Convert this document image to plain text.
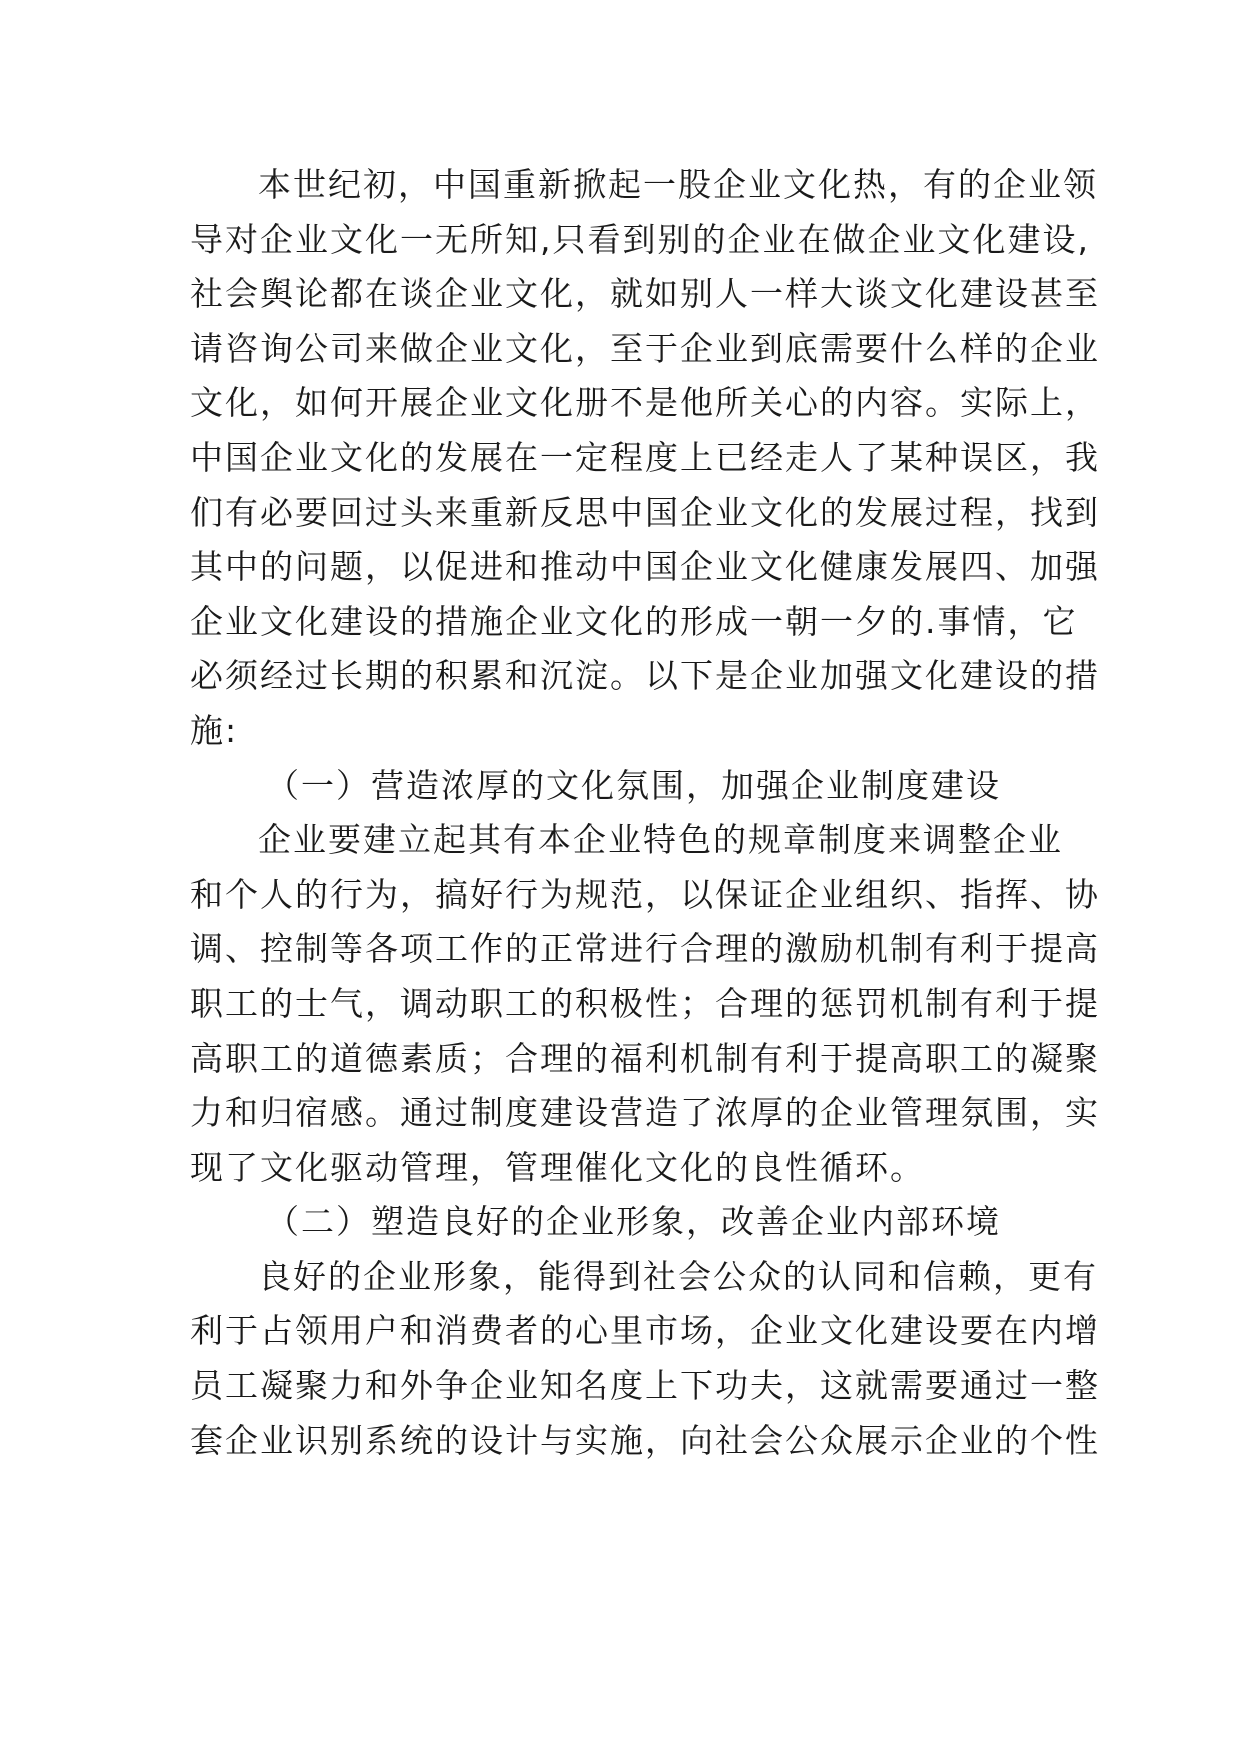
本世纪初，中国重新掀起一股企业文化热，有的企业领
导对企业文化一无所知,只看到别的企业在做企业文化建设,
社会舆论都在谈企业文化，就如别人一样大谈文化建设甚至
请咨询公司来做企业文化，至于企业到底需要什么样的企业
文化，如何开展企业文化册不是他所关心的内容。实际上，
中国企业文化的发展在一定程度上已经走人了某种误区，我
们有必要回过头来重新反思中国企业文化的发展过程，找到
其中的问题，以促进和推动中国企业文化健康发展四、加强
企业文化建设的措施企业文化的形成一朝一夕的.事情，它
必须经过长期的积累和沉淀。以下是企业加强文化建设的措
施:
（一）营造浓厚的文化氛围，加强企业制度建设
企业要建立起其有本企业特色的规章制度来调整企业
和个人的行为，搞好行为规范，以保证企业组织、指挥、协
调、控制等各项工作的正常进行合理的激励机制有利于提高
职工的士气，调动职工的积极性；合理的惩罚机制有利于提
高职工的道德素质；合理的福利机制有利于提高职工的凝聚
力和归宿感。通过制度建设营造了浓厚的企业管理氛围，实
现了文化驱动管理，管理催化文化的良性循环。
（二）塑造良好的企业形象，改善企业内部环境
良好的企业形象，能得到社会公众的认同和信赖，更有
利于占领用户和消费者的心里市场，企业文化建设要在内增
员工凝聚力和外争企业知名度上下功夫，这就需要通过一整
套企业识别系统的设计与实施，向社会公众展示企业的个性
